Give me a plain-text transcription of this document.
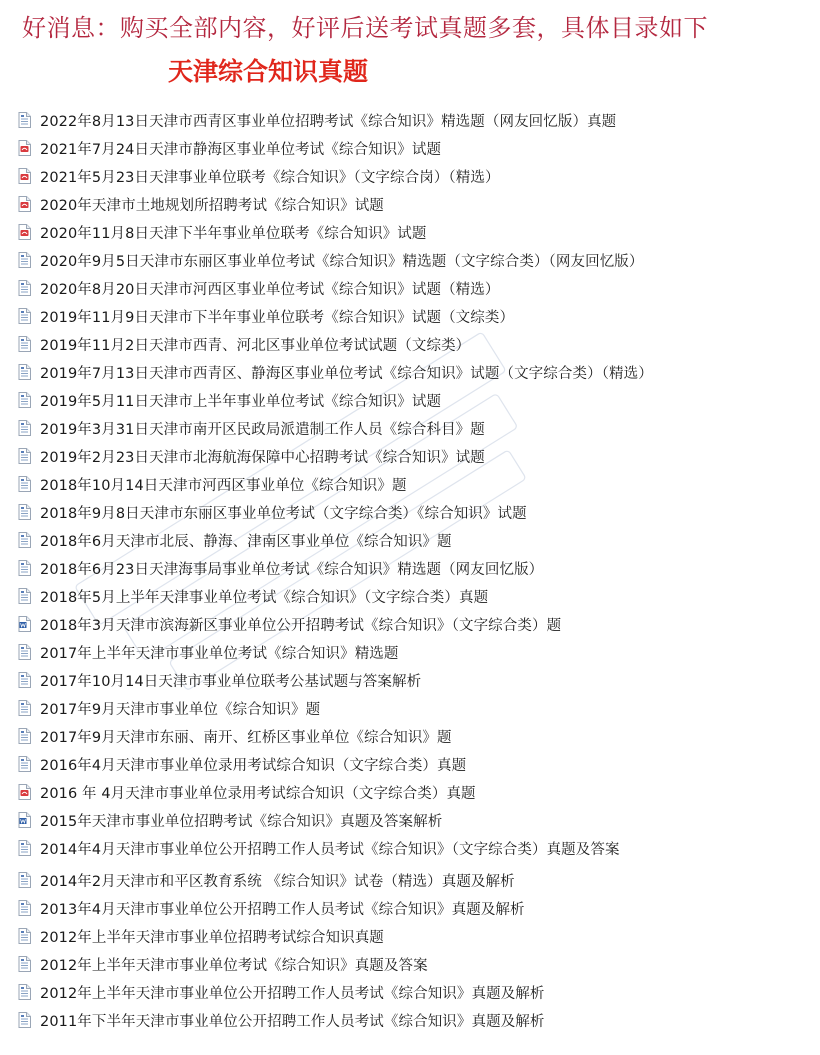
好消息：购买全部内容，好评后送考试真题多套，具体目录如下
天津综合知识真题
2022年8月13日天津市西青区事业单位招聘考试《综合知识》精选题（网友回忆版）真题
2021年7月24日天津市静海区事业单位考试《综合知识》试题
2021年5月23日天津事业单位联考《综合知识》（文字综合岗）（精选）
2020年天津市土地规划所招聘考试《综合知识》试题
2020年11月8日天津下半年事业单位联考《综合知识》试题
2020年9月5日天津市东丽区事业单位考试《综合知识》精选题（文字综合类）（网友回忆版）
2020年8月20日天津市河西区事业单位考试《综合知识》试题（精选）
2019年11月9日天津市下半年事业单位联考《综合知识》试题（文综类）
2019年11月2日天津市西青、河北区事业单位考试试题（文综类）
2019年7月13日天津市西青区、静海区事业单位考试《综合知识》试题（文字综合类）（精选）
2019年5月11日天津市上半年事业单位考试《综合知识》试题
2019年3月31日天津市南开区民政局派遣制工作人员《综合科目》题
2019年2月23日天津市北海航海保障中心招聘考试《综合知识》试题
2018年10月14日天津市河西区事业单位《综合知识》题
2018年9月8日天津市东丽区事业单位考试（文字综合类）《综合知识》试题
2018年6月天津市北辰、静海、津南区事业单位《综合知识》题
2018年6月23日天津海事局事业单位考试《综合知识》精选题（网友回忆版）
2018年5月上半年天津事业单位考试《综合知识》（文字综合类）真题
2018年3月天津市滨海新区事业单位公开招聘考试《综合知识》（文字综合类）题
2017年上半年天津市事业单位考试《综合知识》精选题
2017年10月14日天津市事业单位联考公基试题与答案解析
2017年9月天津市事业单位《综合知识》题
2017年9月天津市东丽、南开、红桥区事业单位《综合知识》题
2016年4月天津市事业单位录用考试综合知识（文字综合类）真题
2016 年 4月天津市事业单位录用考试综合知识（文字综合类）真题
2015年天津市事业单位招聘考试《综合知识》真题及答案解析
2014年4月天津市事业单位公开招聘工作人员考试《综合知识》（文字综合类）真题及答案
2014年2月天津市和平区教育系统 《综合知识》试卷（精选）真题及解析
2013年4月天津市事业单位公开招聘工作人员考试《综合知识》真题及解析
2012年上半年天津市事业单位招聘考试综合知识真题
2012年上半年天津市事业单位考试《综合知识》真题及答案
2012年上半年天津市事业单位公开招聘工作人员考试《综合知识》真题及解析
2011年下半年天津市事业单位公开招聘工作人员考试《综合知识》真题及解析
